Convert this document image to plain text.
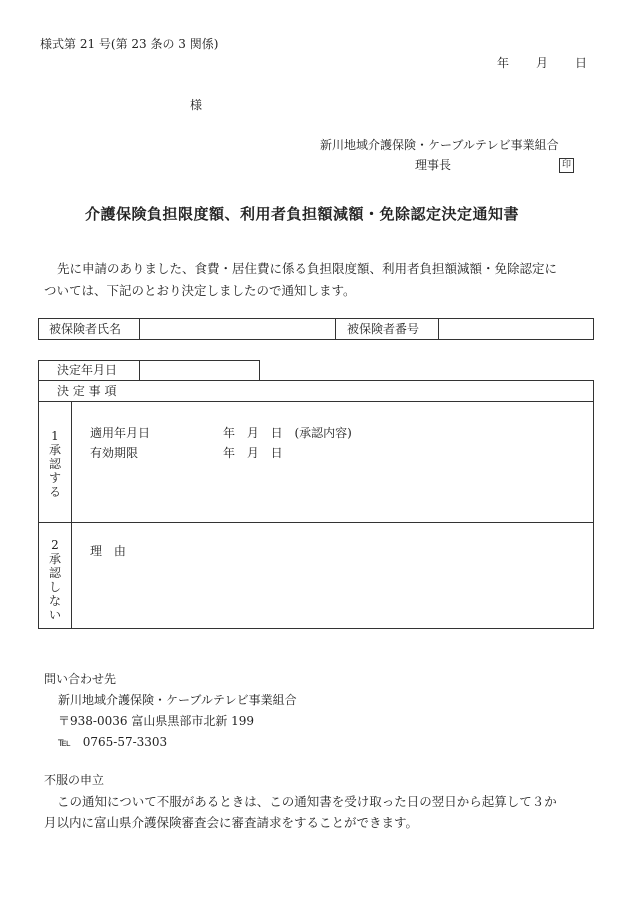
様式第 21 号(第 23 条の 3 関係)
年 月 日
様
新川地域介護保険・ケーブルテレビ事業組合
理事長	印
介護保険負担限度額、利用者負担額減額・免除認定決定通知書
先に申請のありました、食費・居住費に係る負担限度額、利用者負担額減額・免除認定に
ついては、下記のとおり決定しましたので通知します。
被保険者氏名	被保険者番号
決定年月日
決 定 事 項
1承認する
適用年月日	年 月 日 (承認内容)
有効期限	年 月 日
2承認しない
理 由
問い合わせ先
新川地域介護保険・ケーブルテレビ事業組合
〒938-0036 富山県黒部市北新 199
℡ 0765-57-3303
不服の申立
この通知について不服があるときは、この通知書を受け取った日の翌日から起算して３か
月以内に富山県介護保険審査会に審査請求をすることができます。
